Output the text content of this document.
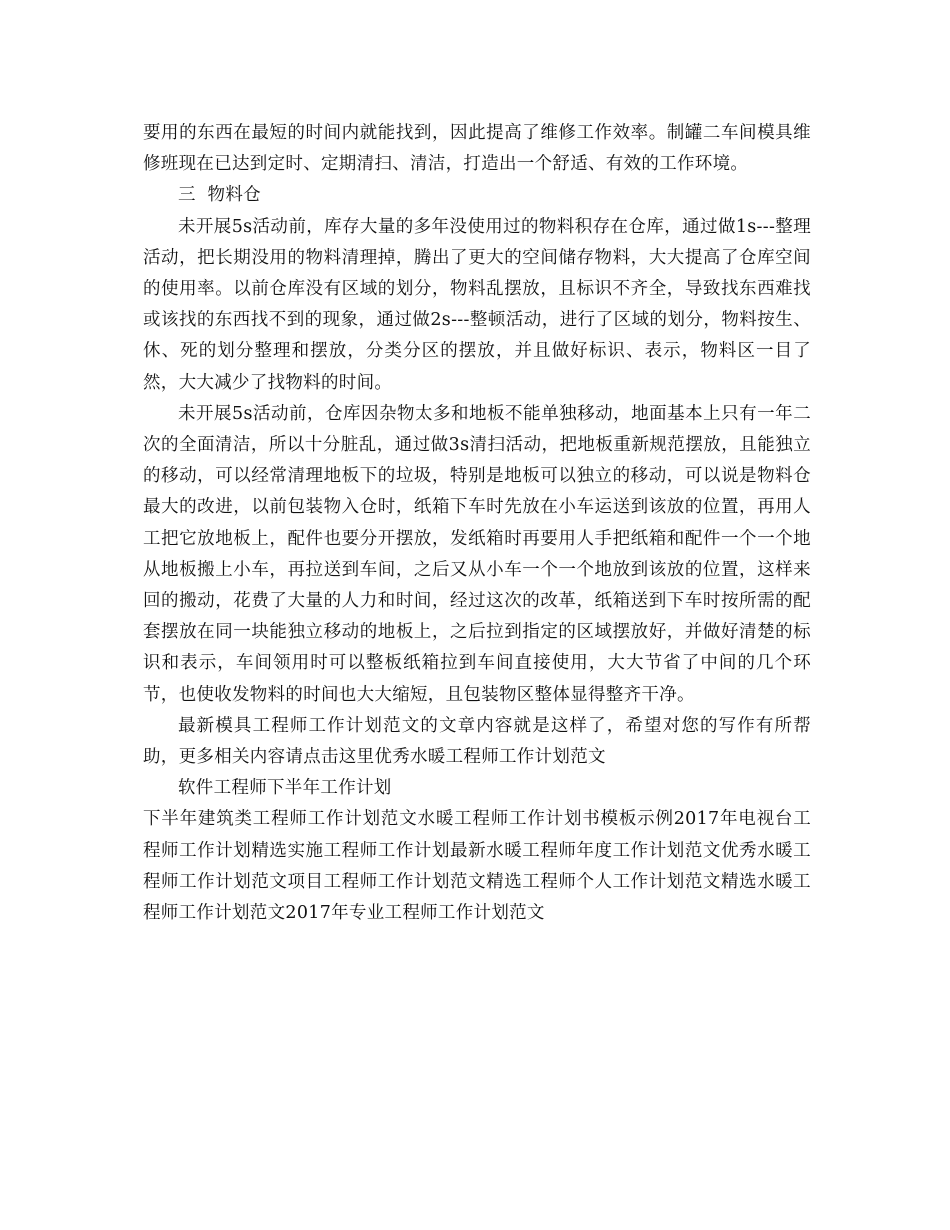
要用的东西在最短的时间内就能找到，因此提高了维修工作效率。制罐二车间模具维修班现在已达到定时、定期清扫、清洁，打造出一个舒适、有效的工作环境。

三  物料仓

未开展5s活动前，库存大量的多年没使用过的物料积存在仓库，通过做1s---整理活动，把长期没用的物料清理掉，腾出了更大的空间储存物料，大大提高了仓库空间的使用率。以前仓库没有区域的划分，物料乱摆放，且标识不齐全，导致找东西难找或该找的东西找不到的现象，通过做2s---整顿活动，进行了区域的划分，物料按生、休、死的划分整理和摆放，分类分区的摆放，并且做好标识、表示，物料区一目了然，大大减少了找物料的时间。

未开展5s活动前，仓库因杂物太多和地板不能单独移动，地面基本上只有一年二次的全面清洁，所以十分脏乱，通过做3s清扫活动，把地板重新规范摆放，且能独立的移动，可以经常清理地板下的垃圾，特别是地板可以独立的移动，可以说是物料仓最大的改进，以前包装物入仓时，纸箱下车时先放在小车运送到该放的位置，再用人工把它放地板上，配件也要分开摆放，发纸箱时再要用人手把纸箱和配件一个一个地从地板搬上小车，再拉送到车间，之后又从小车一个一个地放到该放的位置，这样来回的搬动，花费了大量的人力和时间，经过这次的改革，纸箱送到下车时按所需的配套摆放在同一块能独立移动的地板上，之后拉到指定的区域摆放好，并做好清楚的标识和表示，车间领用时可以整板纸箱拉到车间直接使用，大大节省了中间的几个环节，也使收发物料的时间也大大缩短，且包装物区整体显得整齐干净。

最新模具工程师工作计划范文的文章内容就是这样了，希望对您的写作有所帮助，更多相关内容请点击这里优秀水暖工程师工作计划范文

软件工程师下半年工作计划

下半年建筑类工程师工作计划范文水暖工程师工作计划书模板示例2017年电视台工程师工作计划精选实施工程师工作计划最新水暖工程师年度工作计划范文优秀水暖工程师工作计划范文项目工程师工作计划范文精选工程师个人工作计划范文精选水暖工程师工作计划范文2017年专业工程师工作计划范文
